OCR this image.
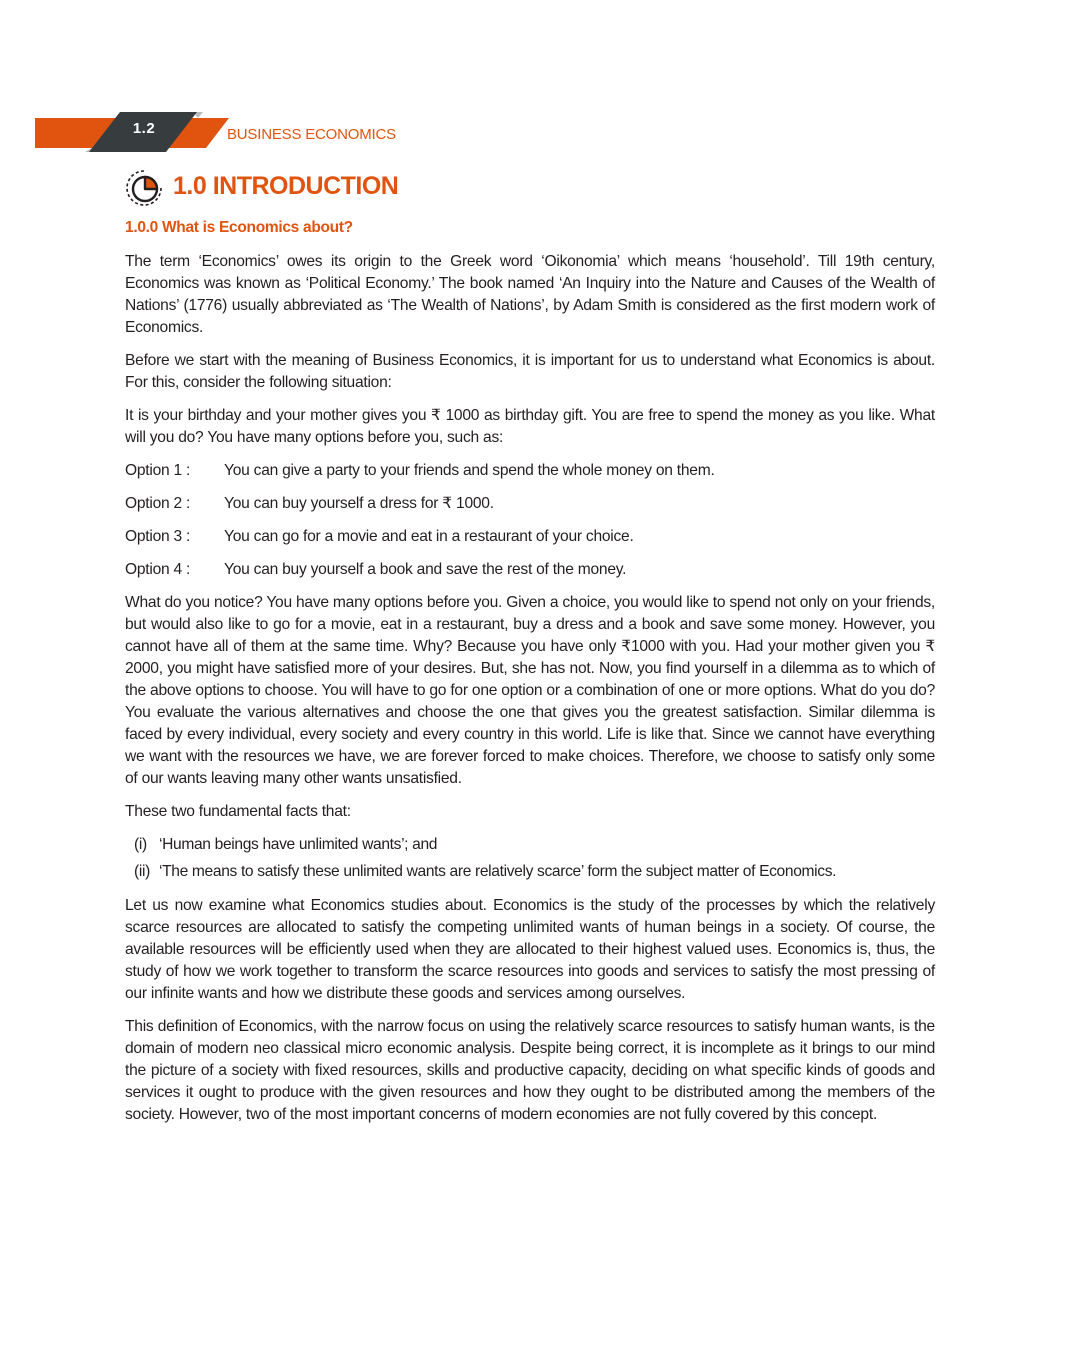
1.2	BUSINESS ECONOMICS
1.0 INTRODUCTION
1.0.0 What is Economics about?

The term ‘Economics’ owes its origin to the Greek word ‘Oikonomia’ which means ‘household’. Till 19th century, Economics was known as ‘Political Economy.’ The book named ‘An Inquiry into the Nature and Causes of the Wealth of Nations’ (1776) usually abbreviated as ‘The Wealth of Nations’, by Adam Smith is considered as the first modern work of Economics.

Before we start with the meaning of Business Economics, it is important for us to understand what Economics is about. For this, consider the following situation:

It is your birthday and your mother gives you ₹ 1000 as birthday gift. You are free to spend the money as you like. What will you do? You have many options before you, such as:

Option 1 :	You can give a party to your friends and spend the whole money on them.
Option 2 :	You can buy yourself a dress for ₹ 1000.
Option 3 :	You can go for a movie and eat in a restaurant of your choice.
Option 4 :	You can buy yourself a book and save the rest of the money.

What do you notice? You have many options before you. Given a choice, you would like to spend not only on your friends, but would also like to go for a movie, eat in a restaurant, buy a dress and a book and save some money. However, you cannot have all of them at the same time. Why? Because you have only ₹1000 with you. Had your mother given you ₹ 2000, you might have satisfied more of your desires. But, she has not. Now, you find yourself in a dilemma as to which of the above options to choose. You will have to go for one option or a combination of one or more options. What do you do? You evaluate the various alternatives and choose the one that gives you the greatest satisfaction. Similar dilemma is faced by every individual, every society and every country in this world. Life is like that. Since we cannot have everything we want with the resources we have, we are forever forced to make choices. Therefore, we choose to satisfy only some of our wants leaving many other wants unsatisfied.

These two fundamental facts that:

(i) ‘Human beings have unlimited wants’; and
(ii) ‘The means to satisfy these unlimited wants are relatively scarce’ form the subject matter of Economics.

Let us now examine what Economics studies about. Economics is the study of the processes by which the relatively scarce resources are allocated to satisfy the competing unlimited wants of human beings in a society. Of course, the available resources will be efficiently used when they are allocated to their highest valued uses. Economics is, thus, the study of how we work together to transform the scarce resources into goods and services to satisfy the most pressing of our infinite wants and how we distribute these goods and services among ourselves.

This definition of Economics, with the narrow focus on using the relatively scarce resources to satisfy human wants, is the domain of modern neo classical micro economic analysis. Despite being correct, it is incomplete as it brings to our mind the picture of a society with fixed resources, skills and productive capacity, deciding on what specific kinds of goods and services it ought to produce with the given resources and how they ought to be distributed among the members of the society. However, two of the most important concerns of modern economies are not fully covered by this concept.
